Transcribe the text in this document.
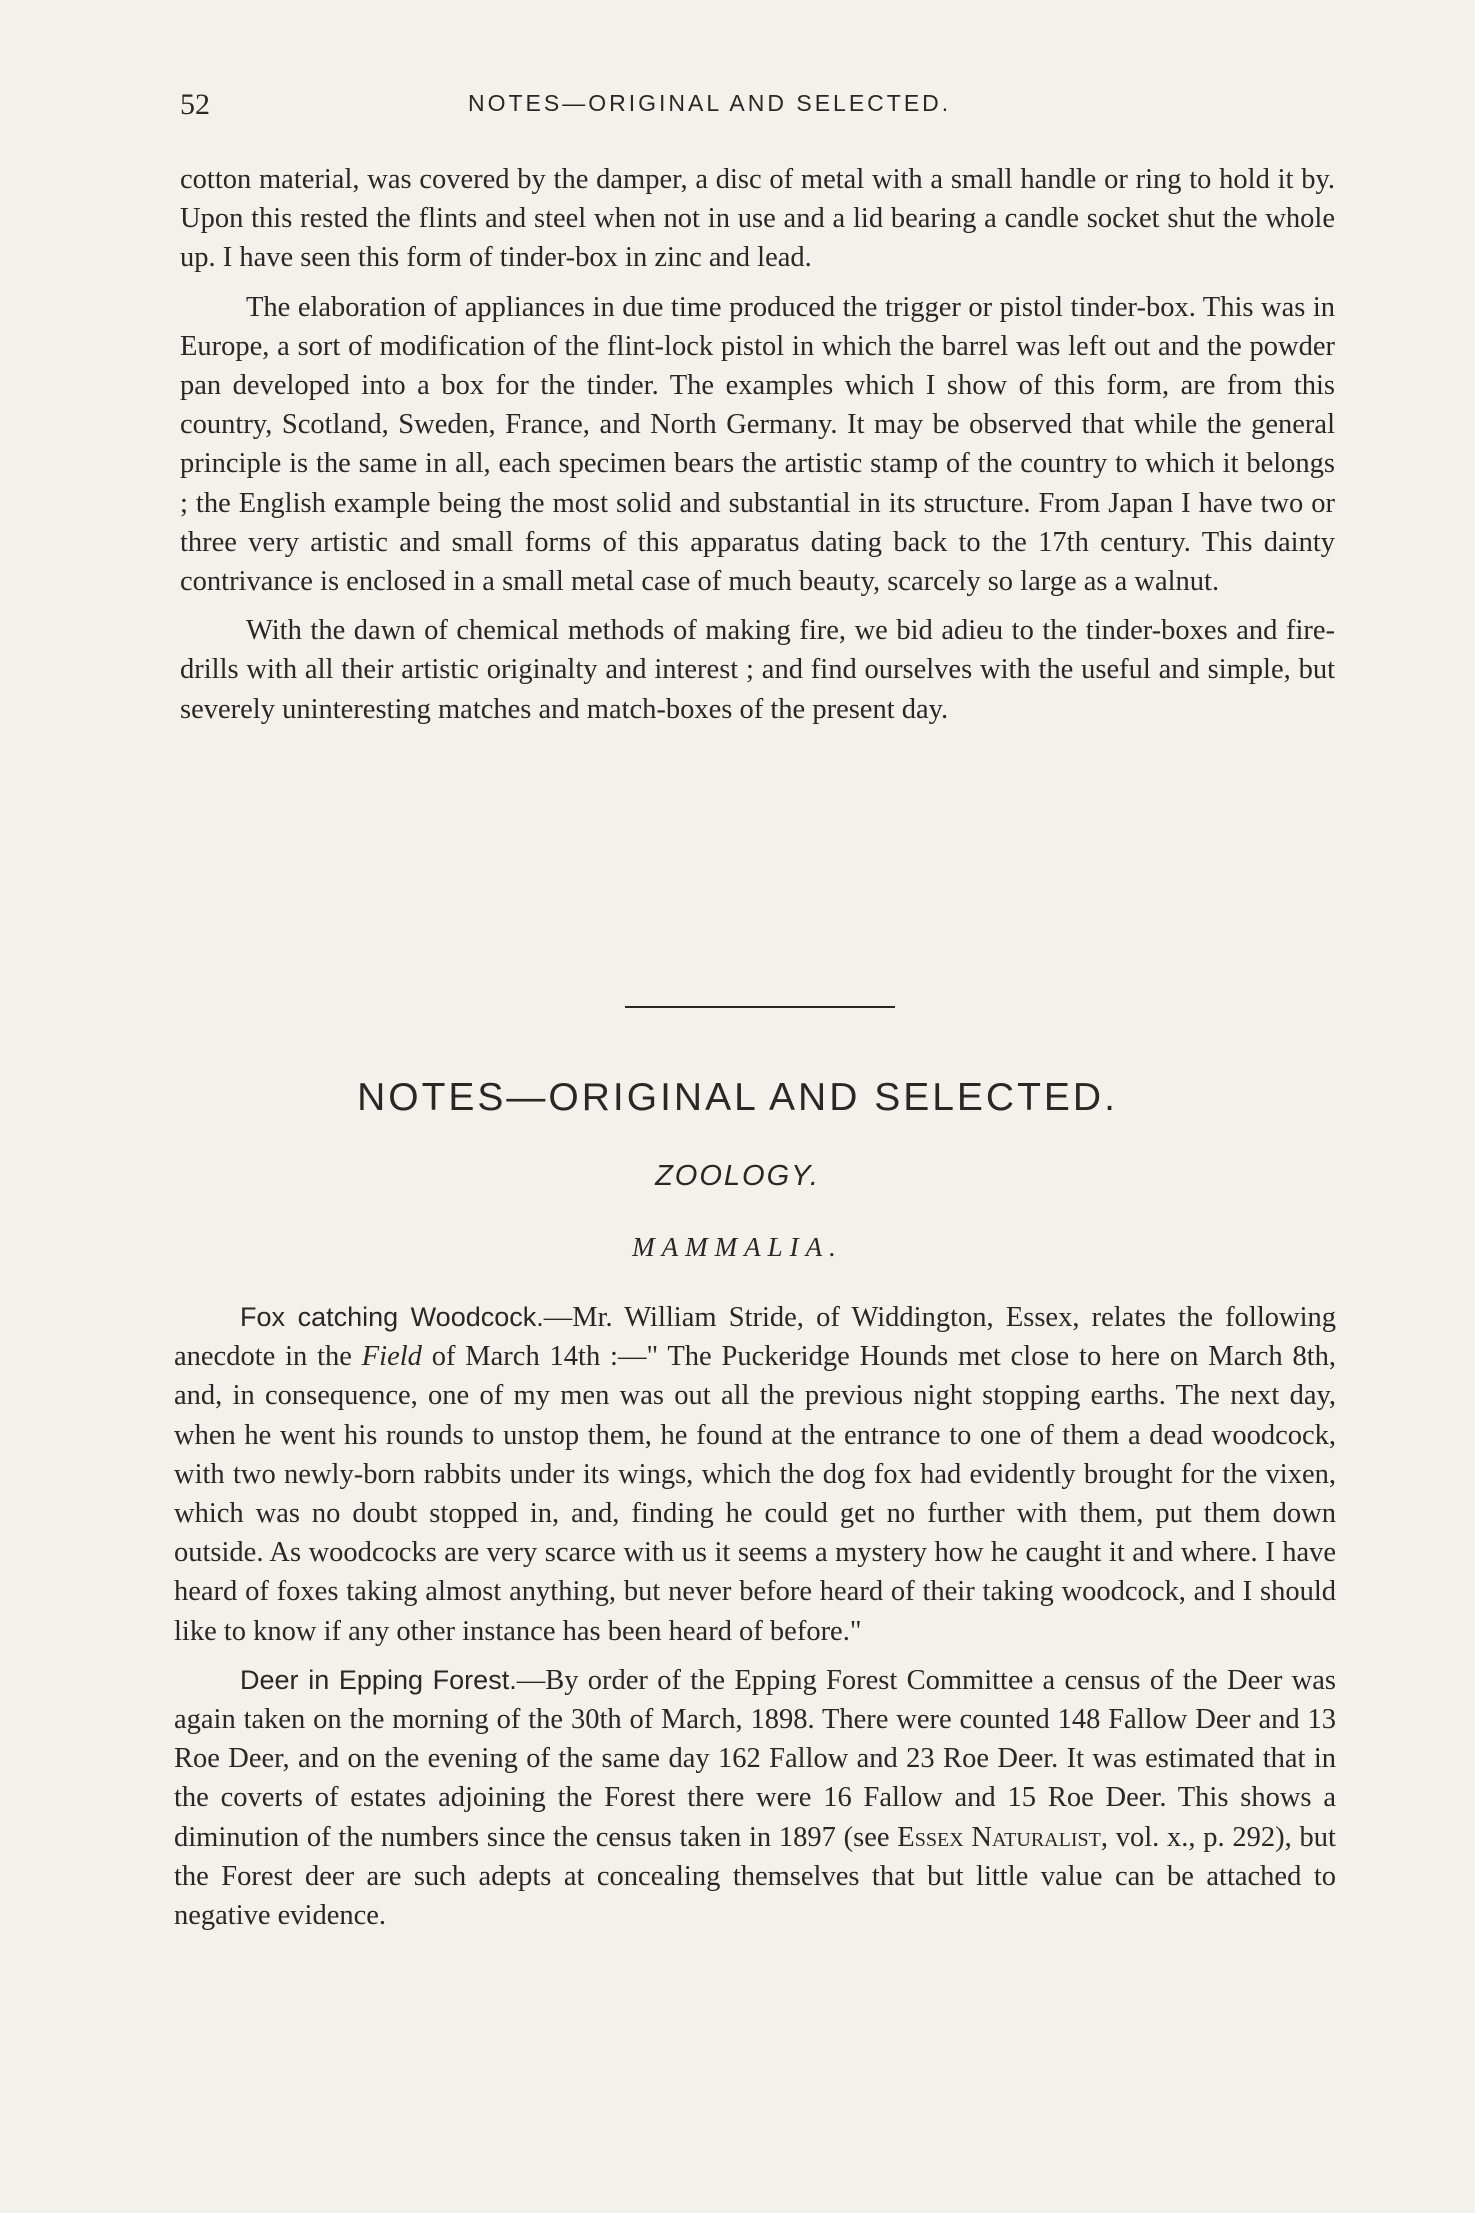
52	NOTES—ORIGINAL AND SELECTED.

cotton material, was covered by the damper, a disc of metal with a small handle or ring to hold it by. Upon this rested the flints and steel when not in use and a lid bearing a candle socket shut the whole up. I have seen this form of tinder-box in zinc and lead.

The elaboration of appliances in due time produced the trigger or pistol tinder-box. This was in Europe, a sort of modification of the flint-lock pistol in which the barrel was left out and the powder pan developed into a box for the tinder. The examples which I show of this form, are from this country, Scotland, Sweden, France, and North Germany. It may be observed that while the general principle is the same in all, each specimen bears the artistic stamp of the country to which it belongs ; the English example being the most solid and substantial in its structure. From Japan I have two or three very artistic and small forms of this apparatus dating back to the 17th century. This dainty contrivance is enclosed in a small metal case of much beauty, scarcely so large as a walnut.

With the dawn of chemical methods of making fire, we bid adieu to the tinder-boxes and fire-drills with all their artistic originalty and interest ; and find ourselves with the useful and simple, but severely uninteresting matches and match-boxes of the present day.

NOTES—ORIGINAL AND SELECTED.
ZOOLOGY.
MAMMALIA.

Fox catching Woodcock.—Mr. William Stride, of Widdington, Essex, relates the following anecdote in the Field of March 14th :—" The Puckeridge Hounds met close to here on March 8th, and, in consequence, one of my men was out all the previous night stopping earths. The next day, when he went his rounds to unstop them, he found at the entrance to one of them a dead woodcock, with two newly-born rabbits under its wings, which the dog fox had evidently brought for the vixen, which was no doubt stopped in, and, finding he could get no further with them, put them down outside. As woodcocks are very scarce with us it seems a mystery how he caught it and where. I have heard of foxes taking almost anything, but never before heard of their taking woodcock, and I should like to know if any other instance has been heard of before."

Deer in Epping Forest.—By order of the Epping Forest Committee a census of the Deer was again taken on the morning of the 30th of March, 1898. There were counted 148 Fallow Deer and 13 Roe Deer, and on the evening of the same day 162 Fallow and 23 Roe Deer. It was estimated that in the coverts of estates adjoining the Forest there were 16 Fallow and 15 Roe Deer. This shows a diminution of the numbers since the census taken in 1897 (see Essex Naturalist, vol. x., p. 292), but the Forest deer are such adepts at concealing themselves that but little value can be attached to negative evidence.
